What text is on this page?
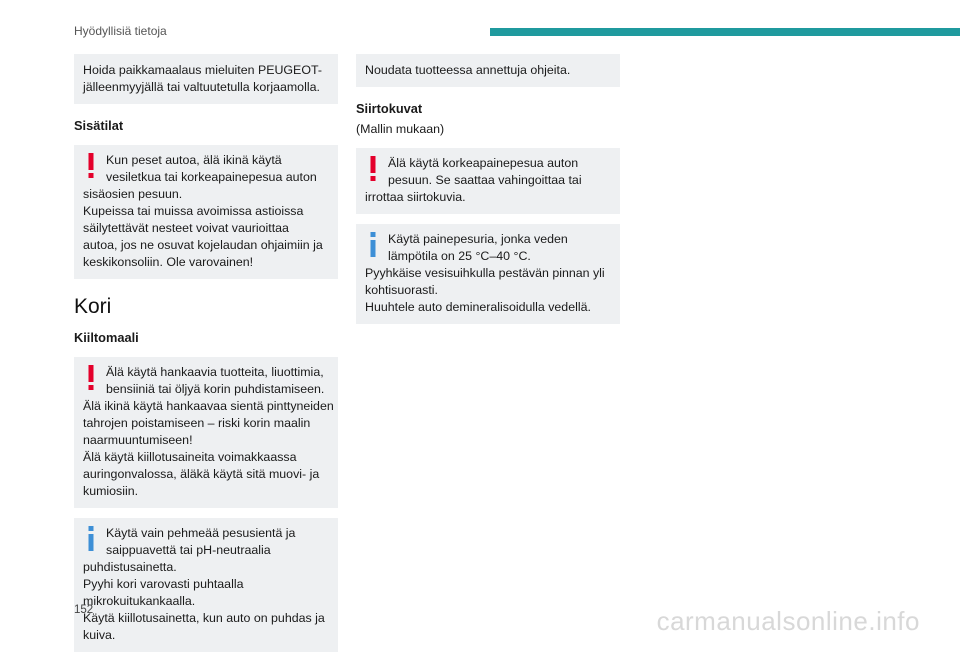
Hyödyllisiä tietoja
Hoida paikkamaalaus mieluiten PEUGEOT-
jälleenmyyjällä tai valtuutetulla korjaamolla.
Sisätilat
Kun peset autoa, älä ikinä käytä
vesiletkua tai korkeapainepesua auton
sisäosien pesuun.
Kupeissa tai muissa avoimissa astioissa
säilytettävät nesteet voivat vaurioittaa
autoa, jos ne osuvat kojelaudan ohjaimiin ja
keskikonsoliin. Ole varovainen!
Kori
Kiiltomaali
Älä käytä hankaavia tuotteita, liuottimia,
bensiiniä tai öljyä korin puhdistamiseen.
Älä ikinä käytä hankaavaa sientä pinttyneiden
tahrojen poistamiseen – riski korin maalin
naarmuuntumiseen!
Älä käytä kiillotusaineita voimakkaassa
auringonvalossa, äläkä käytä sitä muovi- ja
kumiosiin.
Käytä vain pehmeää pesusientä ja
saippuavettä tai pH-neutraalia
puhdistusainetta.
Pyyhi kori varovasti puhtaalla
mikrokuitukankaalla.
Käytä kiillotusainetta, kun auto on puhdas ja
kuiva.
Noudata tuotteessa annettuja ohjeita.
Siirtokuvat
(Mallin mukaan)
Älä käytä korkeapainepesua auton
pesuun. Se saattaa vahingoittaa tai
irrottaa siirtokuvia.
Käytä painepesuria, jonka veden
lämpötila on 25 °C–40 °C.
Pyyhkäise vesisuihkulla pestävän pinnan yli
kohtisuorasti.
Huuhtele auto demineralisoidulla vedellä.
152	carmanualsonline.info
